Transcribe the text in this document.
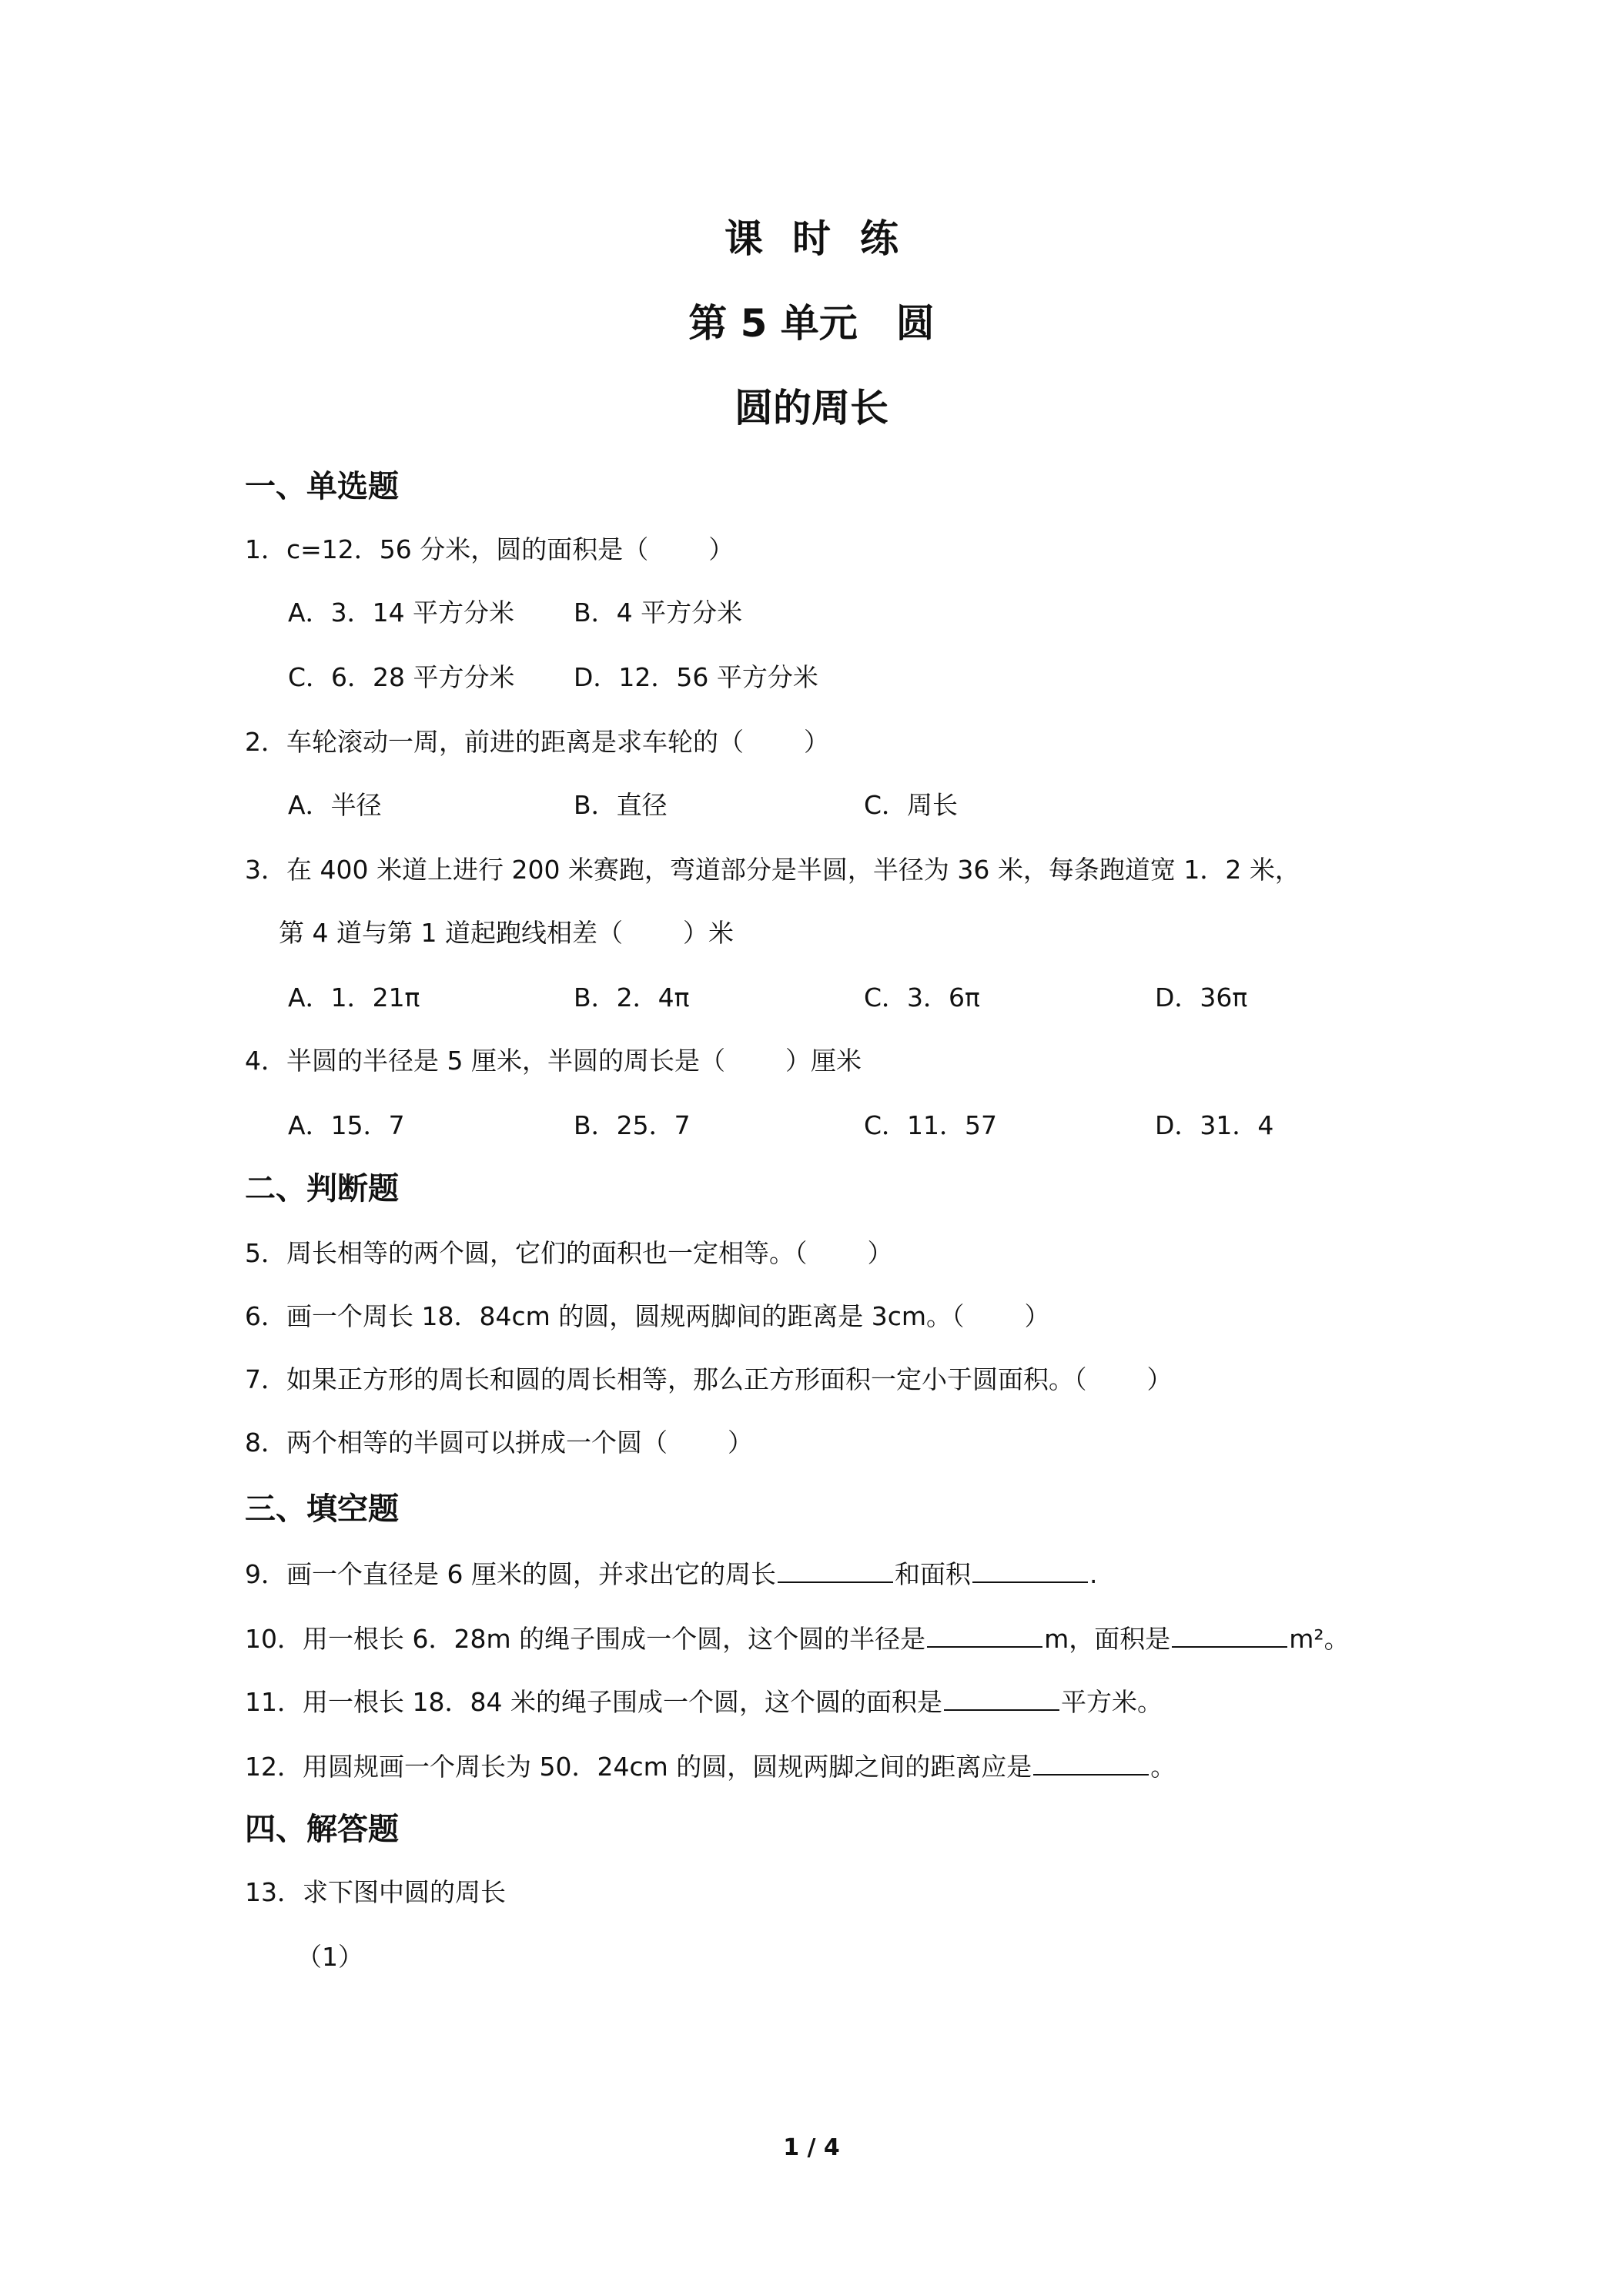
课时练
第 5 单元　圆
圆的周长
一、单选题
1．c=12．56 分米，圆的面积是（ ）
A．3．14 平方分米 B．4 平方分米
C．6．28 平方分米 D．12．56 平方分米
2．车轮滚动一周，前进的距离是求车轮的（ ）
A．半径	B．直径	C．周长
3．在 400 米道上进行 200 米赛跑，弯道部分是半圆，半径为 36 米，每条跑道宽 1．2 米，
第 4 道与第 1 道起跑线相差（ ）米
A．1．21π	B．2．4π	C．3．6π	D．36π
4．半圆的半径是 5 厘米，半圆的周长是（ ）厘米
A．15．7	B．25．7	C．11．57	D．31．4
二、判断题
5．周长相等的两个圆，它们的面积也一定相等。（ ）
6．画一个周长 18．84cm 的圆，圆规两脚间的距离是 3cm。（ ）
7．如果正方形的周长和圆的周长相等，那么正方形面积一定小于圆面积。（ ）
8．两个相等的半圆可以拼成一个圆（ ）
三、填空题
9．画一个直径是 6 厘米的圆，并求出它的周长	和面积	.
10．用一根长 6．28m 的绳子围成一个圆，这个圆的半径是	m，面积是	m²。
11．用一根长 18．84 米的绳子围成一个圆，这个圆的面积是	平方米。
12．用圆规画一个周长为 50．24cm 的圆，圆规两脚之间的距离应是	。
四、解答题
13．求下图中圆的周长
（1）
1 / 4
